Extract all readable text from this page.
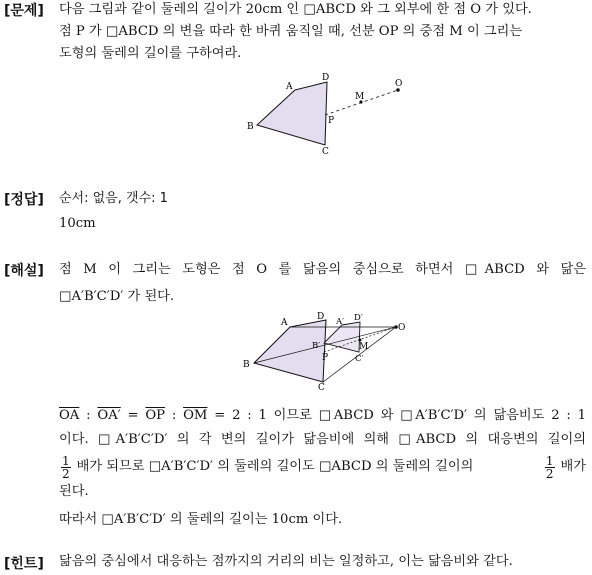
[문제] 다음 그림과 같이 둘레의 길이가 20cm 인 □ABCD 와 그 외부에 한 점 O 가 있다.
점 P 가 □ABCD 의 변을 따라 한 바퀴 움직일 때, 선분 OP 의 중점 M 이 그리는
도형의 둘레의 길이를 구하여라.
A
D
B
C
P
M
O
[정답] 순서: 없음, 갯수: 1
10cm
[해설] 점 M 이 그리는 도형은 점 O 를 닮음의 중심으로 하면서 □ABCD 와 닮은
□A′B′C′D′ 가 된다.
A
D A′ D′
O
B′	M
P	C′
B
C
$\overline{OA}$ : $OA' = \overline{OP}$ : $\overline{OM} = 2$ : 1 이므로 □ABCD 와 □A′B′C′D′ 의 닮음비도 2 : 1
이다. □A′B′C′D′ 의 각 변의 길이가 닮음비에 의해 □ABCD 의 대응변의 길이의
$\frac{1}{2}$ 배가 되므로 □A′B′C′D′ 의 둘레의 길이도 □ABCD 의 둘레의 길이의	$\frac{1}{2}$ 배가
된다.
따라서 □A′B′C′D′ 의 둘레의 길이는 10cm 이다.
[힌트] 닮음의 중심에서 대응하는 점까지의 거리의 비는 일정하고, 이는 닮음비와 같다.
